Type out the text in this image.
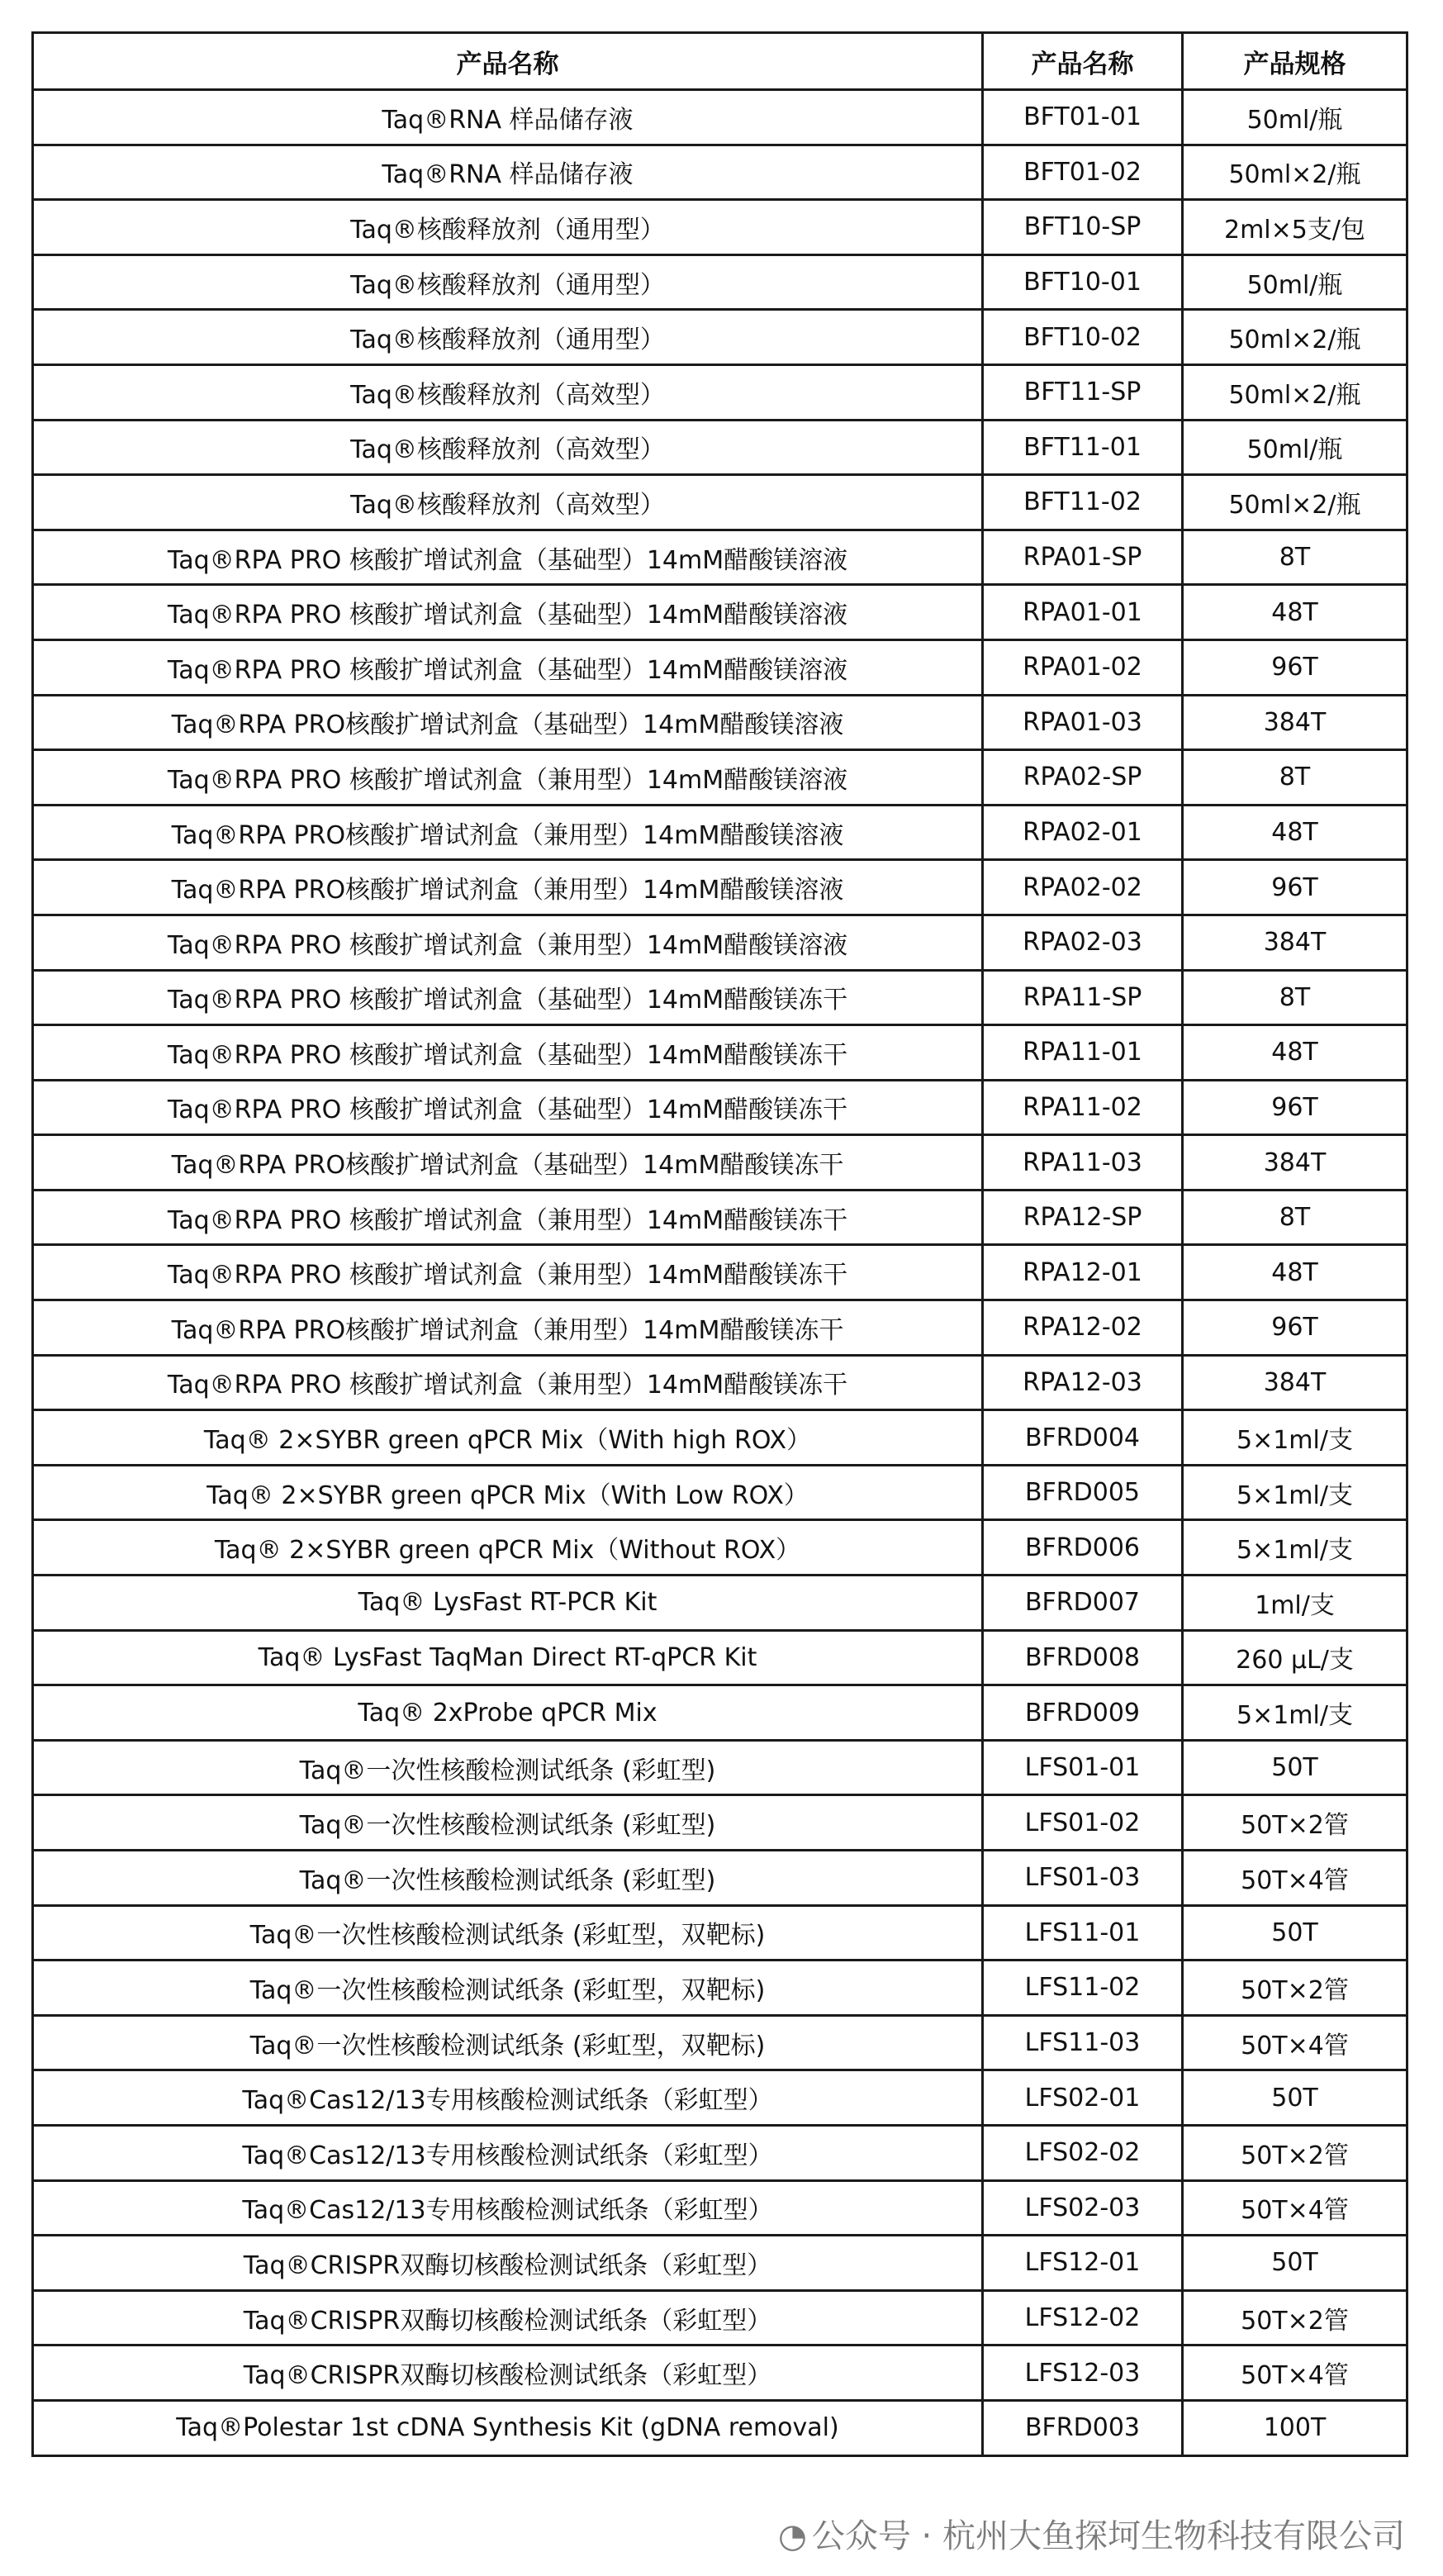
产品名称	产品名称	产品规格
Taq®RNA 样品储存液	BFT01-01	50ml/瓶
Taq®RNA 样品储存液	BFT01-02	50ml×2/瓶
Taq®核酸释放剂（通用型）	BFT10-SP	2ml×5支/包
Taq®核酸释放剂（通用型）	BFT10-01	50ml/瓶
Taq®核酸释放剂（通用型）	BFT10-02	50ml×2/瓶
Taq®核酸释放剂（高效型）	BFT11-SP	50ml×2/瓶
Taq®核酸释放剂（高效型）	BFT11-01	50ml/瓶
Taq®核酸释放剂（高效型）	BFT11-02	50ml×2/瓶
Taq®RPA PRO 核酸扩增试剂盒（基础型）14mM醋酸镁溶液	RPA01-SP	8T
Taq®RPA PRO 核酸扩增试剂盒（基础型）14mM醋酸镁溶液	RPA01-01	48T
Taq®RPA PRO 核酸扩增试剂盒（基础型）14mM醋酸镁溶液	RPA01-02	96T
Taq®RPA PRO核酸扩增试剂盒（基础型）14mM醋酸镁溶液	RPA01-03	384T
Taq®RPA PRO 核酸扩增试剂盒（兼用型）14mM醋酸镁溶液	RPA02-SP	8T
Taq®RPA PRO核酸扩增试剂盒（兼用型）14mM醋酸镁溶液	RPA02-01	48T
Taq®RPA PRO核酸扩增试剂盒（兼用型）14mM醋酸镁溶液	RPA02-02	96T
Taq®RPA PRO 核酸扩增试剂盒（兼用型）14mM醋酸镁溶液	RPA02-03	384T
Taq®RPA PRO 核酸扩增试剂盒（基础型）14mM醋酸镁冻干	RPA11-SP	8T
Taq®RPA PRO 核酸扩增试剂盒（基础型）14mM醋酸镁冻干	RPA11-01	48T
Taq®RPA PRO 核酸扩增试剂盒（基础型）14mM醋酸镁冻干	RPA11-02	96T
Taq®RPA PRO核酸扩增试剂盒（基础型）14mM醋酸镁冻干	RPA11-03	384T
Taq®RPA PRO 核酸扩增试剂盒（兼用型）14mM醋酸镁冻干	RPA12-SP	8T
Taq®RPA PRO 核酸扩增试剂盒（兼用型）14mM醋酸镁冻干	RPA12-01	48T
Taq®RPA PRO核酸扩增试剂盒（兼用型）14mM醋酸镁冻干	RPA12-02	96T
Taq®RPA PRO 核酸扩增试剂盒（兼用型）14mM醋酸镁冻干	RPA12-03	384T
Taq® 2×SYBR green qPCR Mix（With high ROX）	BFRD004	5×1ml/支
Taq® 2×SYBR green qPCR Mix（With Low ROX）	BFRD005	5×1ml/支
Taq® 2×SYBR green qPCR Mix（Without ROX）	BFRD006	5×1ml/支
Taq® LysFast RT-PCR Kit	BFRD007	1ml/支
Taq® LysFast TaqMan Direct RT-qPCR Kit	BFRD008	260 µL/支
Taq® 2xProbe qPCR Mix	BFRD009	5×1ml/支
Taq®一次性核酸检测试纸条 (彩虹型)	LFS01-01	50T
Taq®一次性核酸检测试纸条 (彩虹型)	LFS01-02	50T×2管
Taq®一次性核酸检测试纸条 (彩虹型)	LFS01-03	50T×4管
Taq®一次性核酸检测试纸条 (彩虹型，双靶标)	LFS11-01	50T
Taq®一次性核酸检测试纸条 (彩虹型，双靶标)	LFS11-02	50T×2管
Taq®一次性核酸检测试纸条 (彩虹型，双靶标)	LFS11-03	50T×4管
Taq®Cas12/13专用核酸检测试纸条（彩虹型）	LFS02-01	50T
Taq®Cas12/13专用核酸检测试纸条（彩虹型）	LFS02-02	50T×2管
Taq®Cas12/13专用核酸检测试纸条（彩虹型）	LFS02-03	50T×4管
Taq®CRISPR双酶切核酸检测试纸条（彩虹型）	LFS12-01	50T
Taq®CRISPR双酶切核酸检测试纸条（彩虹型）	LFS12-02	50T×2管
Taq®CRISPR双酶切核酸检测试纸条（彩虹型）	LFS12-03	50T×4管
Taq®Polestar 1st cDNA Synthesis Kit (gDNA removal)	BFRD003	100T
◔ 公众号 · 杭州大鱼探坷生物科技有限公司
